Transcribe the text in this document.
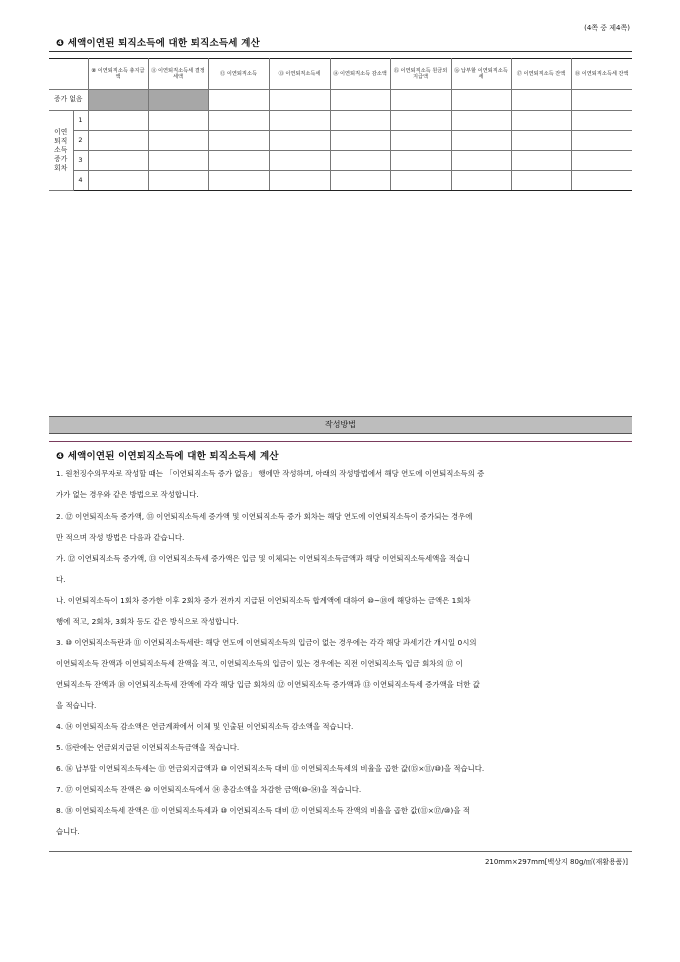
(4쪽 중 제4쪽)
❹ 세액이연된 퇴직소득에 대한 퇴직소득세 계산
		⑩ 이연퇴직소득 총지급액	⑪ 이연퇴직소득세 결정세액	⑫ 이연퇴직소득	⑬ 이연퇴직소득세	⑭ 이연퇴직소득 감소액	⑮ 이연퇴직소득 원금외지급액	⑯ 납부할 이연퇴직소득세	⑰ 이연퇴직소득 잔액	⑱ 이연퇴직소득세 잔액
증가 없음										
이연 퇴직 소득 증가 회차	1									
	2									
	3									
	4									
작성방법
❹ 세액이연된 이연퇴직소득에 대한 퇴직소득세 계산
1. 원천징수의무자로 작성할 때는 「이연퇴직소득 증가 없음」 행에만 작성하며, 아래의 작성방법에서 해당 연도에 이연퇴직소득의 증
가가 없는 경우와 같은 방법으로 작성합니다.
2. ⑫ 이연퇴직소득 증가액, ⑬ 이연퇴직소득세 증가액 및 이연퇴직소득 증가 회차는 해당 연도에 이연퇴직소득이 증가되는 경우에
만 적으며 작성 방법은 다음과 같습니다.
가. ⑫ 이연퇴직소득 증가액, ⑬ 이연퇴직소득세 증가액은 입금 및 이체되는 이연퇴직소득금액과 해당 이연퇴직소득세액을 적습니
다.
나. 이연퇴직소득이 1회차 증가한 이후 2회차 증가 전까지 지급된 이연퇴직소득 합계액에 대하여 ⑩~⑱에 해당하는 금액은 1회차
행에 적고, 2회차, 3회차 등도 같은 방식으로 작성합니다.
3. ⑩ 이연퇴직소득란과 ⑪ 이연퇴직소득세란: 해당 연도에 이연퇴직소득의 입금이 없는 경우에는 각각 해당 과세기간 개시일 0시의
이연퇴직소득 잔액과 이연퇴직소득세 잔액을 적고, 이연퇴직소득의 입금이 있는 경우에는 직전 이연퇴직소득 입금 회차의 ⑰ 이
연퇴직소득 잔액과 ⑱ 이연퇴직소득세 잔액에 각각 해당 입금 회차의 ⑫ 이연퇴직소득 증가액과 ⑬ 이연퇴직소득세 증가액을 더한 값
을 적습니다.
4. ⑭ 이연퇴직소득 감소액은 연금계좌에서 이체 및 인출된 이연퇴직소득 감소액을 적습니다.
5. ⑮란에는 연금외지급된 이연퇴직소득금액을 적습니다.
6. ⑯ 납부할 이연퇴직소득세는 ⑪ 연금외지급액과 ⑩ 이연퇴직소득 대비 ⑪ 이연퇴직소득세의 비율을 곱한 값(⑮×⑪/⑩)을 적습니다.
7. ⑰ 이연퇴직소득 잔액은 ⑩ 이연퇴직소득에서 ⑭ 총감소액을 차감한 금액(⑩-⑭)을 적습니다.
8. ⑱ 이연퇴직소득세 잔액은 ⑪ 이연퇴직소득세과 ⑩ 이연퇴직소득 대비 ⑰ 이연퇴직소득 잔액의 비율을 곱한 값(⑪×⑰/⑩)을 적
습니다.
210mm×297mm[백상지 80g/㎡(재활용품)]
